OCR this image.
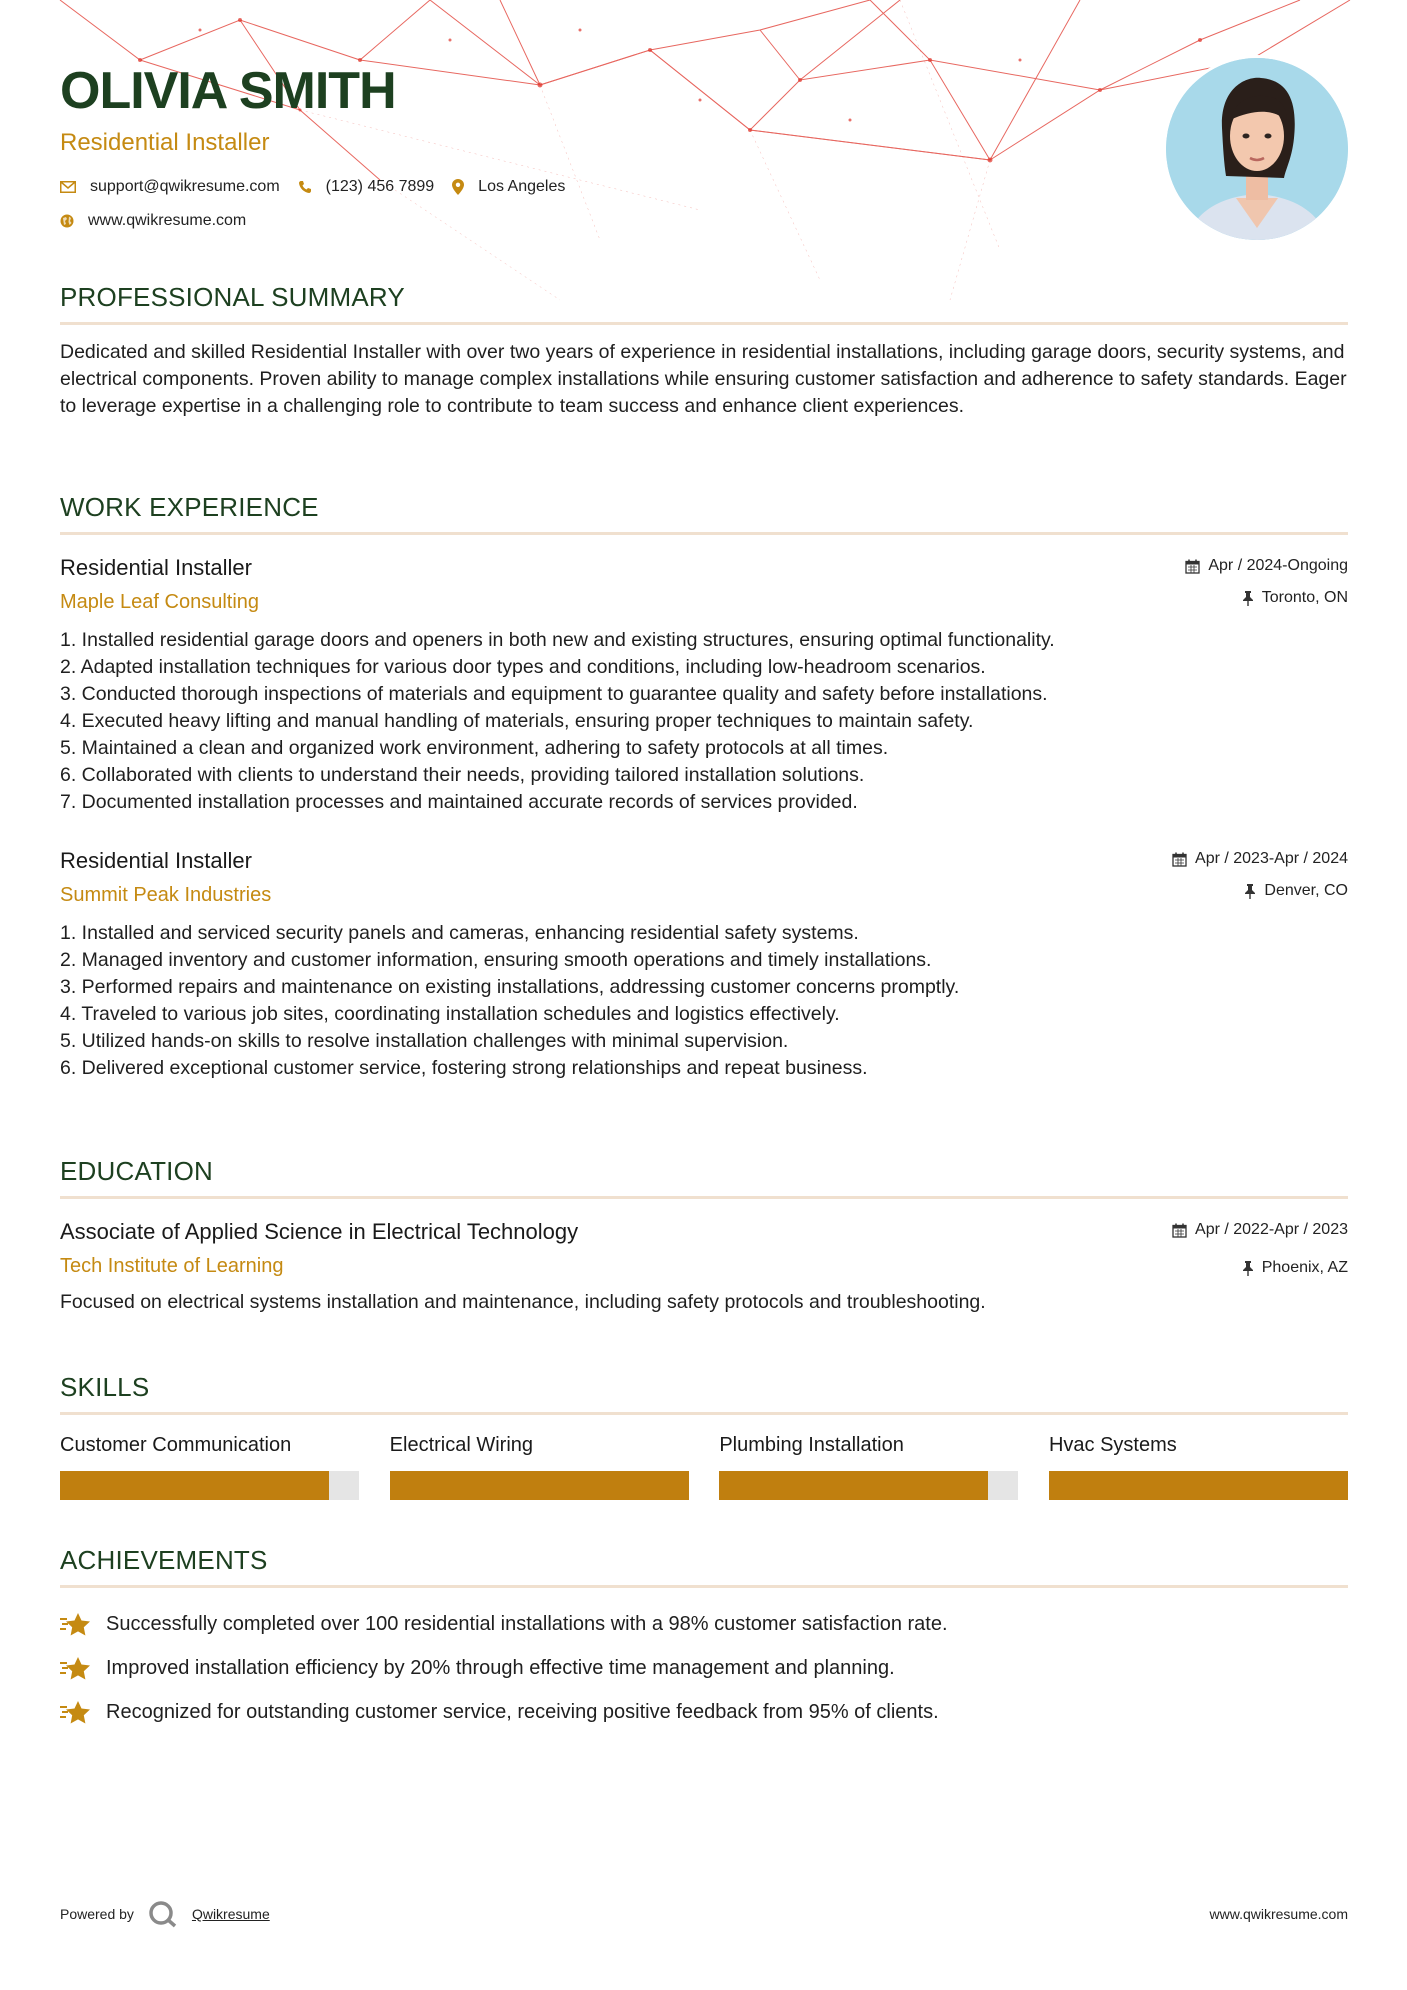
OLIVIA SMITH
Residential Installer
support@qwikresume.com	(123) 456 7899	Los Angeles
www.qwikresume.com
PROFESSIONAL SUMMARY
Dedicated and skilled Residential Installer with over two years of experience in residential installations, including garage doors, security systems, and electrical components. Proven ability to manage complex installations while ensuring customer satisfaction and adherence to safety standards. Eager to leverage expertise in a challenging role to contribute to team success and enhance client experiences.
WORK EXPERIENCE
Residential Installer
Maple Leaf Consulting
Apr / 2024-Ongoing
Toronto, ON
1. Installed residential garage doors and openers in both new and existing structures, ensuring optimal functionality.
2. Adapted installation techniques for various door types and conditions, including low-headroom scenarios.
3. Conducted thorough inspections of materials and equipment to guarantee quality and safety before installations.
4. Executed heavy lifting and manual handling of materials, ensuring proper techniques to maintain safety.
5. Maintained a clean and organized work environment, adhering to safety protocols at all times.
6. Collaborated with clients to understand their needs, providing tailored installation solutions.
7. Documented installation processes and maintained accurate records of services provided.
Residential Installer
Summit Peak Industries
Apr / 2023-Apr / 2024
Denver, CO
1. Installed and serviced security panels and cameras, enhancing residential safety systems.
2. Managed inventory and customer information, ensuring smooth operations and timely installations.
3. Performed repairs and maintenance on existing installations, addressing customer concerns promptly.
4. Traveled to various job sites, coordinating installation schedules and logistics effectively.
5. Utilized hands-on skills to resolve installation challenges with minimal supervision.
6. Delivered exceptional customer service, fostering strong relationships and repeat business.
EDUCATION
Associate of Applied Science in Electrical Technology
Tech Institute of Learning
Apr / 2022-Apr / 2023
Phoenix, AZ
Focused on electrical systems installation and maintenance, including safety protocols and troubleshooting.
SKILLS
Customer Communication	Electrical Wiring	Plumbing Installation	Hvac Systems
ACHIEVEMENTS
Successfully completed over 100 residential installations with a 98% customer satisfaction rate.
Improved installation efficiency by 20% through effective time management and planning.
Recognized for outstanding customer service, receiving positive feedback from 95% of clients.
Powered by	Qwikresume	www.qwikresume.com
